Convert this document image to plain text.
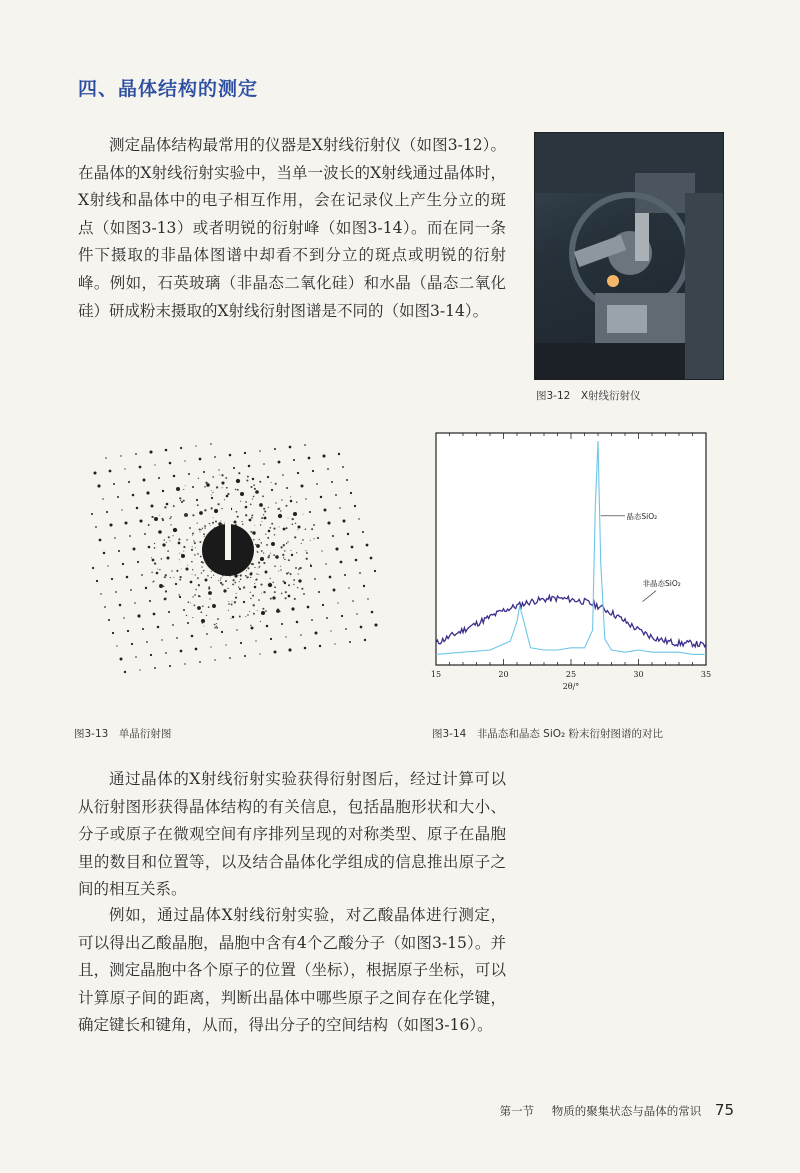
四、晶体结构的测定

测定晶体结构最常用的仪器是X射线衍射仪（如图3-12）。在晶体的X射线衍射实验中，当单一波长的X射线通过晶体时，X射线和晶体中的电子相互作用，会在记录仪上产生分立的斑点（如图3-13）或者明锐的衍射峰（如图3-14）。而在同一条件下摄取的非晶体图谱中却看不到分立的斑点或明锐的衍射峰。例如，石英玻璃（非晶态二氧化硅）和水晶（晶态二氧化硅）研成粉末摄取的X射线衍射图谱是不同的（如图3-14）。

图3-12　X射线衍射仪
图3-13　单晶衍射图
15	20	25	30	35
2θ/°
晶态SiO₂
非晶态SiO₂
图3-14　非晶态和晶态 SiO₂ 粉末衍射图谱的对比

通过晶体的X射线衍射实验获得衍射图后，经过计算可以从衍射图形获得晶体结构的有关信息，包括晶胞形状和大小、分子或原子在微观空间有序排列呈现的对称类型、原子在晶胞里的数目和位置等，以及结合晶体化学组成的信息推出原子之间的相互关系。

例如，通过晶体X射线衍射实验，对乙酸晶体进行测定，可以得出乙酸晶胞，晶胞中含有4个乙酸分子（如图3-15）。并且，测定晶胞中各个原子的位置（坐标），根据原子坐标，可以计算原子间的距离，判断出晶体中哪些原子之间存在化学键，确定键长和键角，从而，得出分子的空间结构（如图3-16）。

第一节 物质的聚集状态与晶体的常识 75
